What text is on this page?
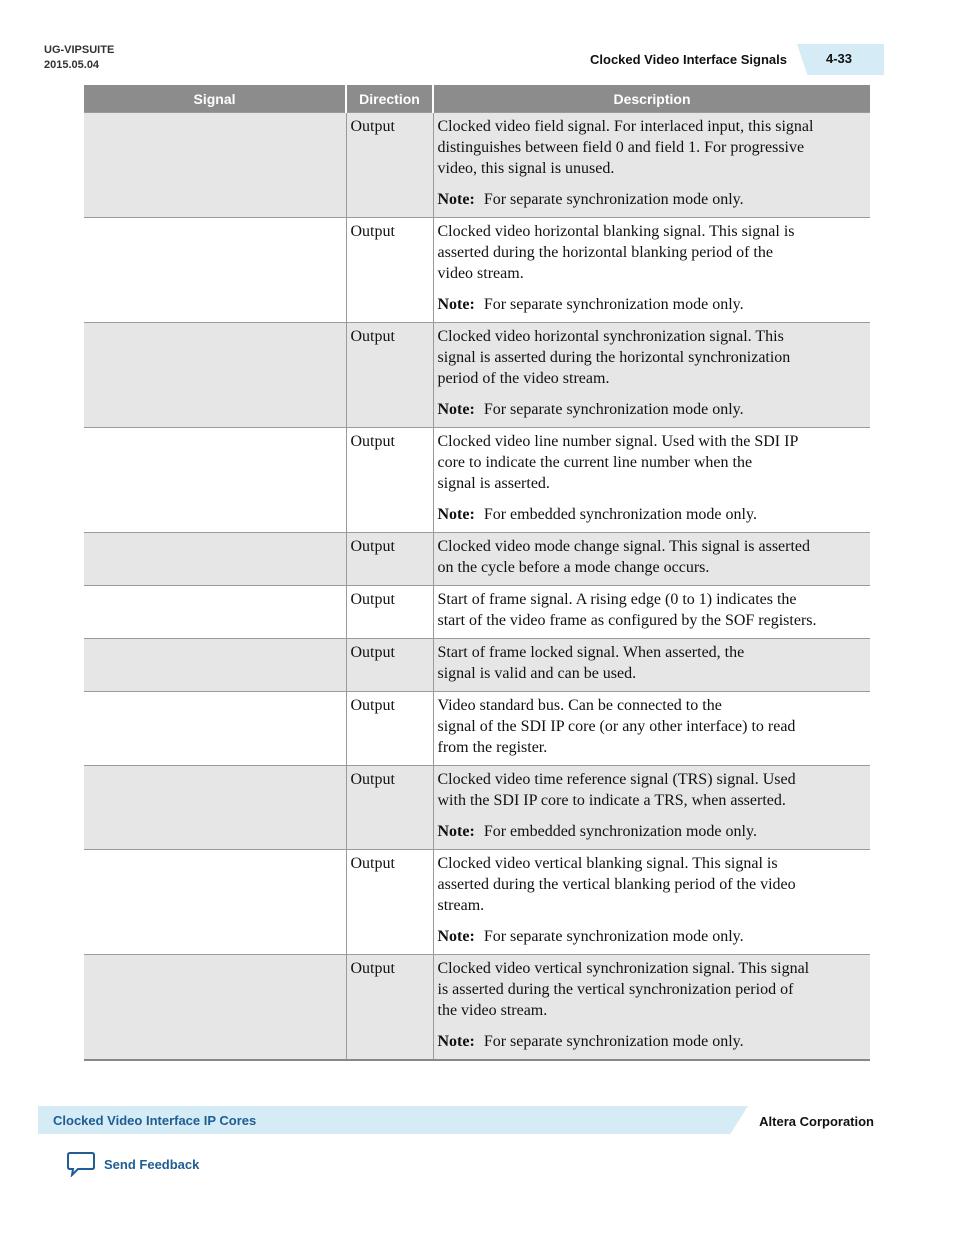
UG-VIPSUITE
2015.05.04	Clocked Video Interface Signals	4-33
Signal	Direction	Description
	Output	Clocked video field signal. For interlaced input, this signal
distinguishes between field 0 and field 1. For progressive
video, this signal is unused.

Note: For separate synchronization mode only.

	Output	Clocked video horizontal blanking signal. This signal is
asserted during the horizontal blanking period of the
video stream.

Note: For separate synchronization mode only.

	Output	Clocked video horizontal synchronization signal. This
signal is asserted during the horizontal synchronization
period of the video stream.

Note: For separate synchronization mode only.

	Output	Clocked video line number signal. Used with the SDI IP
core to indicate the current line number when the
signal is asserted.

Note: For embedded synchronization mode only.

	Output	Clocked video mode change signal. This signal is asserted
on the cycle before a mode change occurs.

	Output	Start of frame signal. A rising edge (0 to 1) indicates the
start of the video frame as configured by the SOF registers.

	Output	Start of frame locked signal. When asserted, the
signal is valid and can be used.

	Output	Video standard bus. Can be connected to the
signal of the SDI IP core (or any other interface) to read
from the register.

	Output	Clocked video time reference signal (TRS) signal. Used
with the SDI IP core to indicate a TRS, when asserted.

Note: For embedded synchronization mode only.

	Output	Clocked video vertical blanking signal. This signal is
asserted during the vertical blanking period of the video
stream.

Note: For separate synchronization mode only.

	Output	Clocked video vertical synchronization signal. This signal
is asserted during the vertical synchronization period of
the video stream.

Note: For separate synchronization mode only.

Clocked Video Interface IP Cores	Altera Corporation
Send Feedback
